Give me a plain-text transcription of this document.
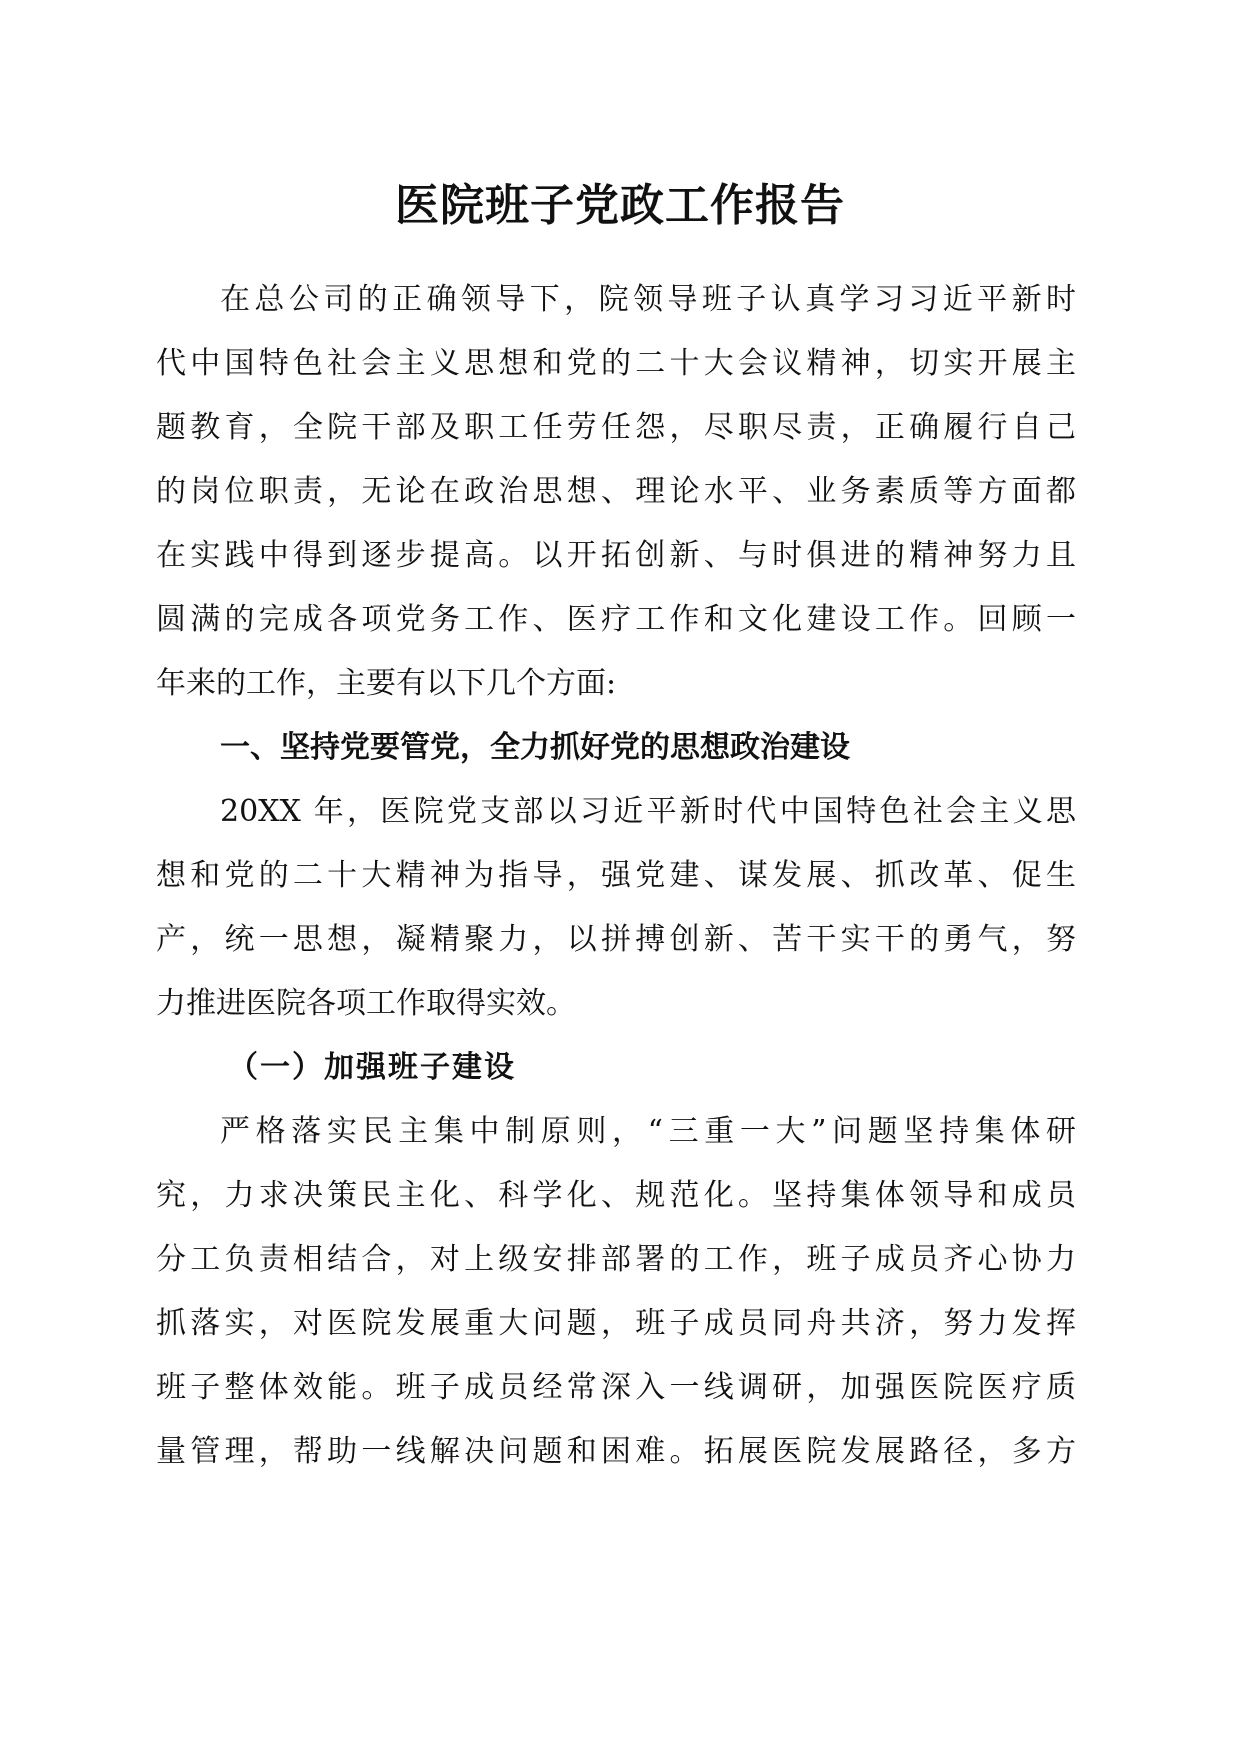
医院班子党政工作报告

在总公司的正确领导下，院领导班子认真学习习近平新时

代中国特色社会主义思想和党的二十大会议精神，切实开展主

题教育，全院干部及职工任劳任怨，尽职尽责，正确履行自己

的岗位职责，无论在政治思想、理论水平、业务素质等方面都

在实践中得到逐步提高。以开拓创新、与时俱进的精神努力且

圆满的完成各项党务工作、医疗工作和文化建设工作。回顾一

年来的工作，主要有以下几个方面:

一、坚持党要管党，全力抓好党的思想政治建设

20XX 年，医院党支部以习近平新时代中国特色社会主义思

想和党的二十大精神为指导，强党建、谋发展、抓改革、促生

产，统一思想，凝精聚力，以拼搏创新、苦干实干的勇气，努

力推进医院各项工作取得实效。

（一）加强班子建设

严格落实民主集中制原则，“三重一大”问题坚持集体研

究，力求决策民主化、科学化、规范化。坚持集体领导和成员

分工负责相结合，对上级安排部署的工作，班子成员齐心协力

抓落实，对医院发展重大问题，班子成员同舟共济，努力发挥

班子整体效能。班子成员经常深入一线调研，加强医院医疗质

量管理，帮助一线解决问题和困难。拓展医院发展路径，多方
